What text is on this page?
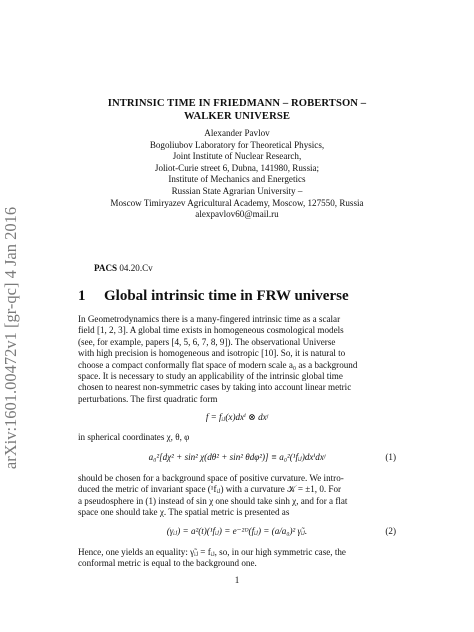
arXiv:1601.00472v1 [gr-qc] 4 Jan 2016
INTRINSIC TIME IN FRIEDMANN – ROBERTSON –
WALKER UNIVERSE
Alexander Pavlov
Bogoliubov Laboratory for Theoretical Physics,
Joint Institute of Nuclear Research,
Joliot-Curie street 6, Dubna, 141980, Russia;
Institute of Mechanics and Energetics
Russian State Agrarian University –
Moscow Timiryazev Agricultural Academy, Moscow, 127550, Russia
alexpavlov60@mail.ru
PACS 04.20.Cv
1 Global intrinsic time in FRW universe
In Geometrodynamics there is a many-fingered intrinsic time as a scalar
field [1, 2, 3]. A global time exists in homogeneous cosmological models
(see, for example, papers [4, 5, 6, 7, 8, 9]). The observational Universe
with high precision is homogeneous and isotropic [10]. So, it is natural to
choose a compact conformally flat space of modern scale a₀ as a background
space. It is necessary to study an applicability of the intrinsic global time
chosen to nearest non-symmetric cases by taking into account linear metric
perturbations. The first quadratic form
f = fᵢⱼ(x)dxⁱ ⊗ dxʲ
in spherical coordinates χ, θ, φ
a₀²[dχ² + sin² χ(dθ² + sin² θdφ²)] ≡ a₀²(¹fᵢⱼ)dxⁱdxʲ	(1)
should be chosen for a background space of positive curvature. We intro-
duced the metric of invariant space (¹fᵢⱼ) with a curvature 𝒦 = ±1, 0. For
a pseudosphere in (1) instead of sin χ one should take sinh χ, and for a flat
space one should take χ. The spatial metric is presented as
(γᵢⱼ) = a²(t)(¹fᵢⱼ) = e⁻²ᴰ(fᵢⱼ) = (a/a₀)² γ̃ᵢⱼ.	(2)
Hence, one yields an equality: γ̃ᵢⱼ = fᵢⱼ, so, in our high symmetric case, the
conformal metric is equal to the background one.
1
